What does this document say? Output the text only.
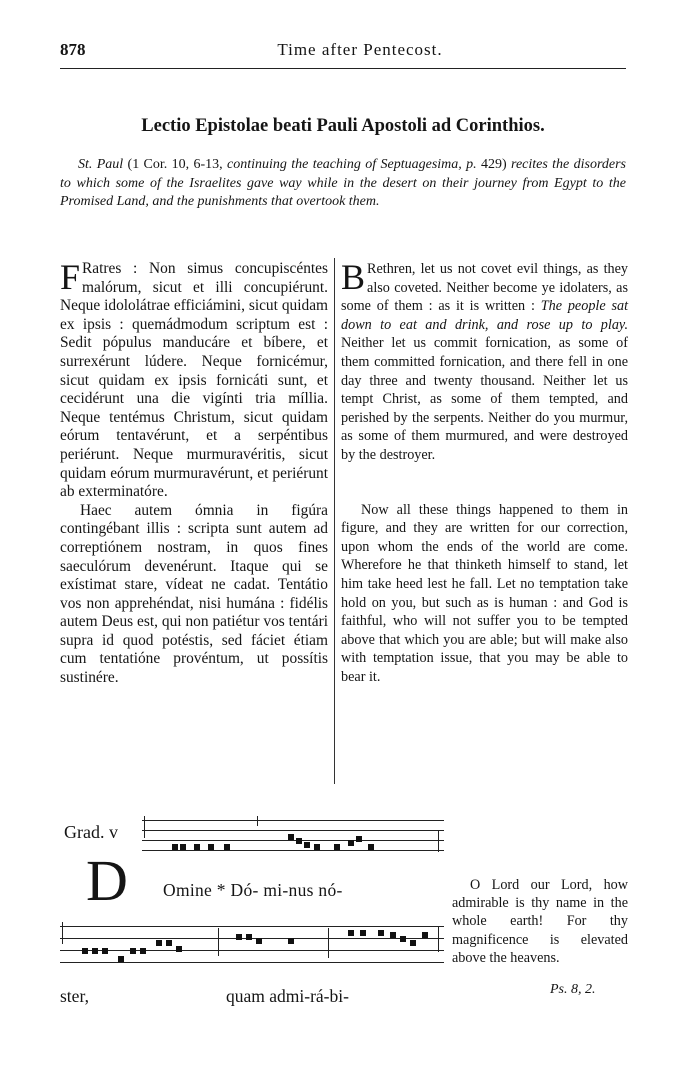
878	Time after Pentecost.
Lectio Epistolae beati Pauli Apostoli ad Corinthios.
St. Paul (1 Cor. 10, 6-13, continuing the teaching of Septuagesima, p. 429) recites the disorders to which some of the Israelites gave way while in the desert on their journey from Egypt to the Promised Land, and the punishments that overtook them.
F Ratres : Non simus concupiscéntes malórum, sicut et illi concupiérunt. Neque idololátrae efficiámini, sicut quidam ex ipsis : quemádmodum scriptum est : Sedit pópulus manducáre et bíbere, et surrexérunt lúdere. Neque fornicémur, sicut quidam ex ipsis fornicáti sunt, et cecidérunt una die vigínti tria míllia. Neque tentémus Christum, sicut quidam eórum tentavérunt, et a serpéntibus periérunt. Neque murmuravéritis, sicut quidam eórum murmuravérunt, et periérunt ab exterminatóre.
Haec autem ómnia in figúra contingébant illis : scripta sunt autem ad correptiónem nostram, in quos fines saeculórum devenérunt. Itaque qui se exístimat stare, vídeat ne cadat. Tentátio vos non apprehéndat, nisi humána : fidélis autem Deus est, qui non patiétur vos tentári supra id quod potéstis, sed fáciet étiam cum tentatióne provéntum, ut possítis sustinére.
B Rethren, let us not covet evil things, as they also coveted. Neither become ye idolaters, as some of them : as it is written : The people sat down to eat and drink, and rose up to play. Neither let us commit fornication, as some of them committed fornication, and there fell in one day three and twenty thousand. Neither let us tempt Christ, as some of them tempted, and perished by the serpents. Neither do you murmur, as some of them murmured, and were destroyed by the destroyer.
Now all these things happened to them in figure, and they are written for our correction, upon whom the ends of the world are come. Wherefore he that thinketh himself to stand, let him take heed lest he fall. Let no temptation take hold on you, but such as is human : and God is faithful, who will not suffer you to be tempted above that which you are able; but will make also with temptation issue, that you may be able to bear it.
Grad. v
D Omine * Dó- mi-nus nó-
ster,	quam admi-rá-bi-
O Lord our Lord, how admirable is thy name in the whole earth! For thy magnificence is elevated above the heavens.
Ps. 8, 2.
